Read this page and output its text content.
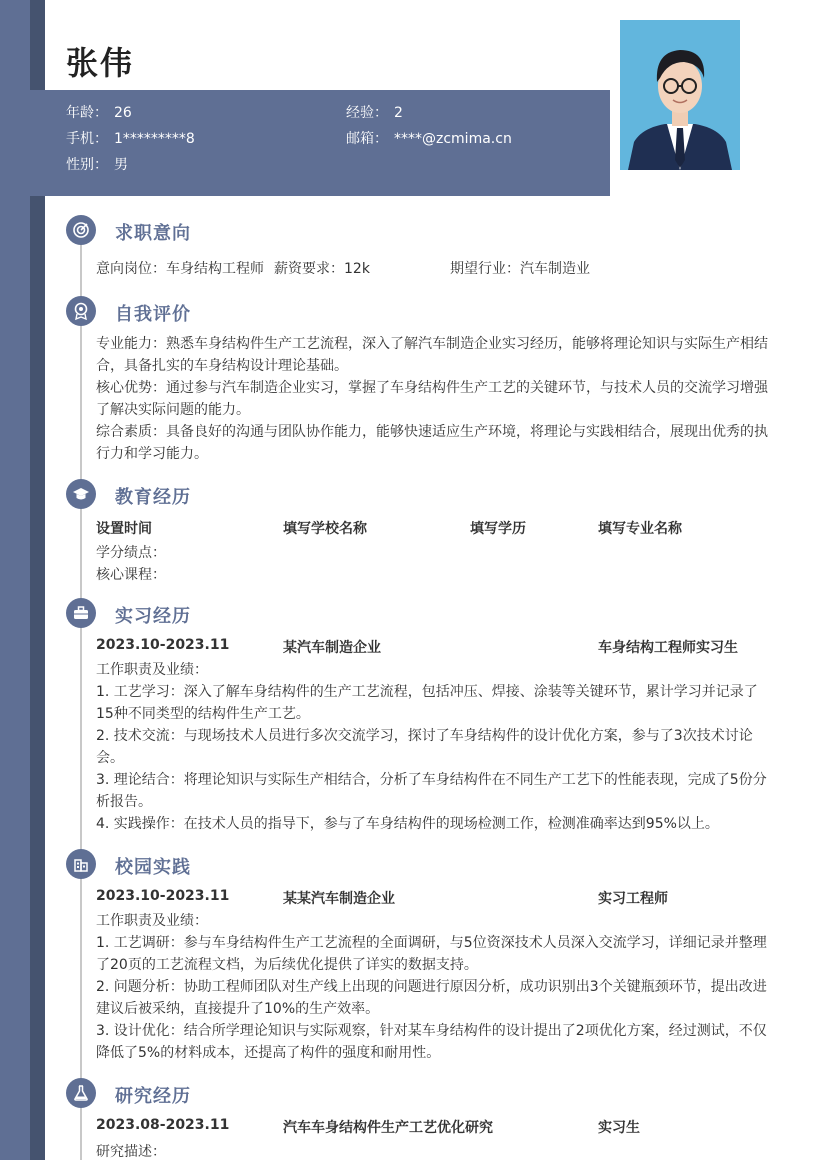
张伟
年龄： 26	经验： 2
手机： 1*********8	邮箱： ****@zcmima.cn
性别： 男
求职意向
意向岗位：车身结构工程师 薪资要求：12k	期望行业：汽车制造业
自我评价
专业能力：熟悉车身结构件生产工艺流程，深入了解汽车制造企业实习经历，能够将理论知识与实际生产相结合，具备扎实的车身结构设计理论基础。
核心优势：通过参与汽车制造企业实习，掌握了车身结构件生产工艺的关键环节，与技术人员的交流学习增强了解决实际问题的能力。
综合素质：具备良好的沟通与团队协作能力，能够快速适应生产环境，将理论与实践相结合，展现出优秀的执行力和学习能力。
教育经历
设置时间	填写学校名称	填写学历	填写专业名称
学分绩点：
核心课程：
实习经历
2023.10-2023.11	某汽车制造企业	车身结构工程师实习生
工作职责及业绩：
1. 工艺学习：深入了解车身结构件的生产工艺流程，包括冲压、焊接、涂装等关键环节，累计学习并记录了15种不同类型的结构件生产工艺。
2. 技术交流：与现场技术人员进行多次交流学习，探讨了车身结构件的设计优化方案，参与了3次技术讨论会。
3. 理论结合：将理论知识与实际生产相结合，分析了车身结构件在不同生产工艺下的性能表现，完成了5份分析报告。
4. 实践操作：在技术人员的指导下，参与了车身结构件的现场检测工作，检测准确率达到95%以上。
校园实践
2023.10-2023.11	某某汽车制造企业	实习工程师
工作职责及业绩：
1. 工艺调研：参与车身结构件生产工艺流程的全面调研，与5位资深技术人员深入交流学习，详细记录并整理了20页的工艺流程文档，为后续优化提供了详实的数据支持。
2. 问题分析：协助工程师团队对生产线上出现的问题进行原因分析，成功识别出3个关键瓶颈环节，提出改进建议后被采纳，直接提升了10%的生产效率。
3. 设计优化：结合所学理论知识与实际观察，针对某车身结构件的设计提出了2项优化方案，经过测试，不仅降低了5%的材料成本，还提高了构件的强度和耐用性。
研究经历
2023.08-2023.11	汽车车身结构件生产工艺优化研究	实习生
研究描述：
